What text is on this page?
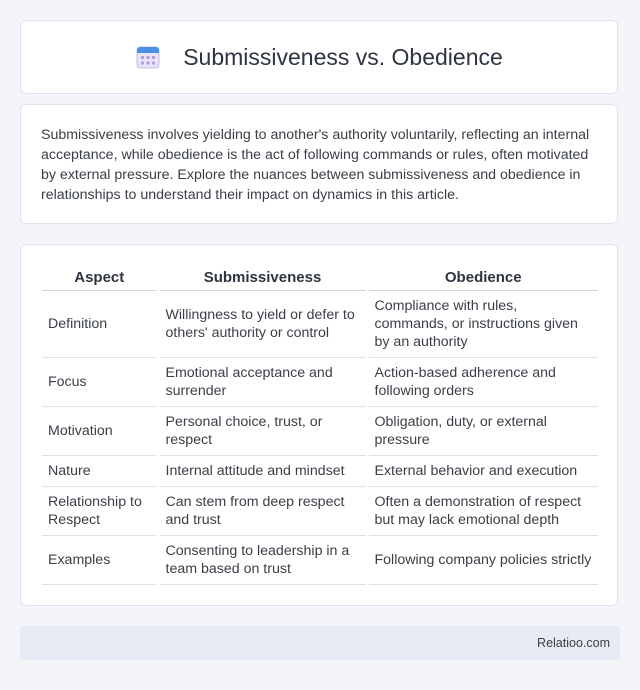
Submissiveness vs. Obedience

Submissiveness involves yielding to another's authority voluntarily, reflecting an internal acceptance, while obedience is the act of following commands or rules, often motivated by external pressure. Explore the nuances between submissiveness and obedience in relationships to understand their impact on dynamics in this article.

Aspect	Submissiveness	Obedience
Definition	Willingness to yield or defer to others' authority or control	Compliance with rules, commands, or instructions given by an authority
Focus	Emotional acceptance and surrender	Action-based adherence and following orders
Motivation	Personal choice, trust, or respect	Obligation, duty, or external pressure
Nature	Internal attitude and mindset	External behavior and execution
Relationship to Respect	Can stem from deep respect and trust	Often a demonstration of respect but may lack emotional depth
Examples	Consenting to leadership in a team based on trust	Following company policies strictly
Relatioo.com
